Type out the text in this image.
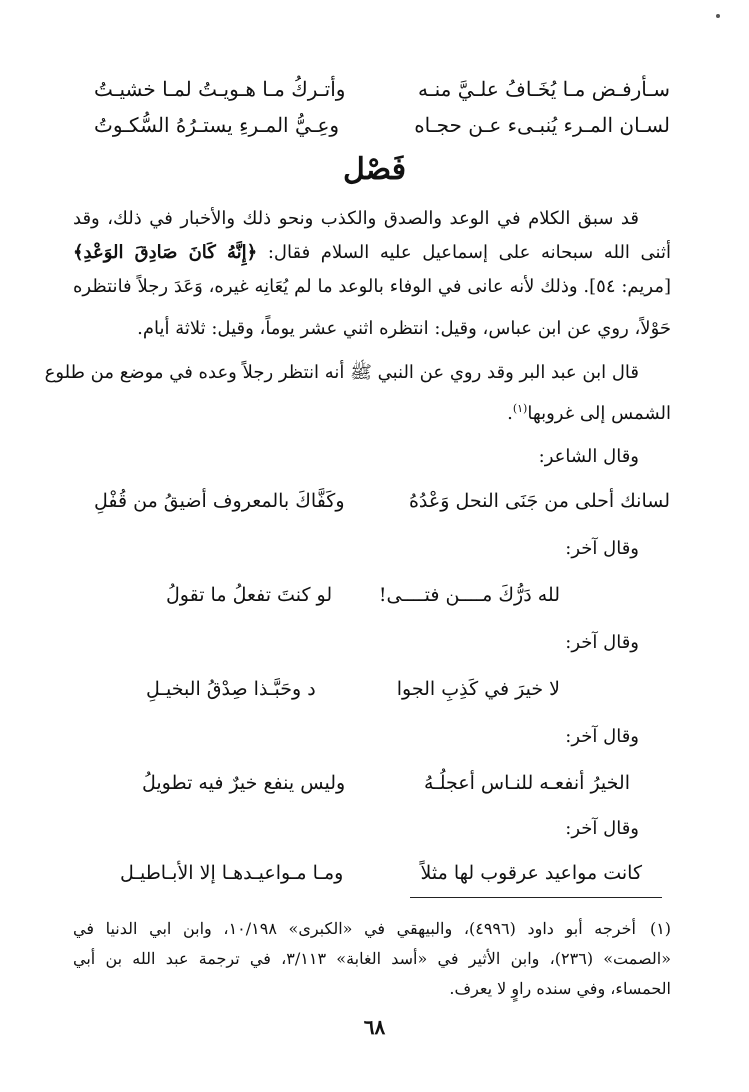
سـأرفـض مـا يُخَـافُ علـيَّ منـه
وأتـركُ مـا هـويـتُ لمـا خشيـتُ
لسـان المـرء يُنبـىء عـن حجـاه
وعِـيُّ المـرءِ يستـرُهُ السُّكـوتُ
فَصْل
قد سبق الكلام في الوعد والصدق والكذب ونحو ذلك والأخبار في ذلك، وقد
أثنى الله سبحانه على إسماعيل عليه السلام فقال: ﴿إِنَّهُ كَانَ صَادِقَ الوَعْدِ﴾
[مريم: ٥٤]. وذلك لأنه عانى في الوفاء بالوعد ما لم يُعَانِه غيره، وَعَدَ رجلاً فانتظره
حَوْلاً، روي عن ابن عباس، وقيل: انتظره اثني عشر يوماً، وقيل: ثلاثة أيام.
قال ابن عبد البر وقد روي عن النبي ﷺ أنه انتظر رجلاً وعده في موضع من طلوع
الشمس إلى غروبها$^{(١)}$.
وقال الشاعر:
لسانك أحلى من جَنَى النحل وَعْدُهُ
وكَفَّاكَ بالمعروف أضيقُ من قُفْلِ
وقال آخر:
لله دَرُّكَ مــــن فتــــى!
لو كنتَ تفعلُ ما تقولُ
وقال آخر:
لا خيرَ في كَذِبِ الجوا
د وحَبَّـذا صِدْقُ البخيـلِ
وقال آخر:
الخيرُ أنفعـه للنـاس أعجلُـهُ
وليس ينفع خيرٌ فيه تطويلُ
وقال آخر:
كانت مواعيد عرقوب لها مثلاً
ومـا مـواعيـدهـا إلا الأبـاطيـل
(١)أخرجه أبو داود (٤٩٩٦)، والبيهقي في «الكبرى» ١٠/١٩٨، وابن ابي الدنيا في
«الصمت» (٢٣٦)، وابن الأثير في «أسد الغابة» ٣/١١٣، في ترجمة عبد الله بن أبي
الحمساء، وفي سنده راوٍ لا يعرف.
٦٨
